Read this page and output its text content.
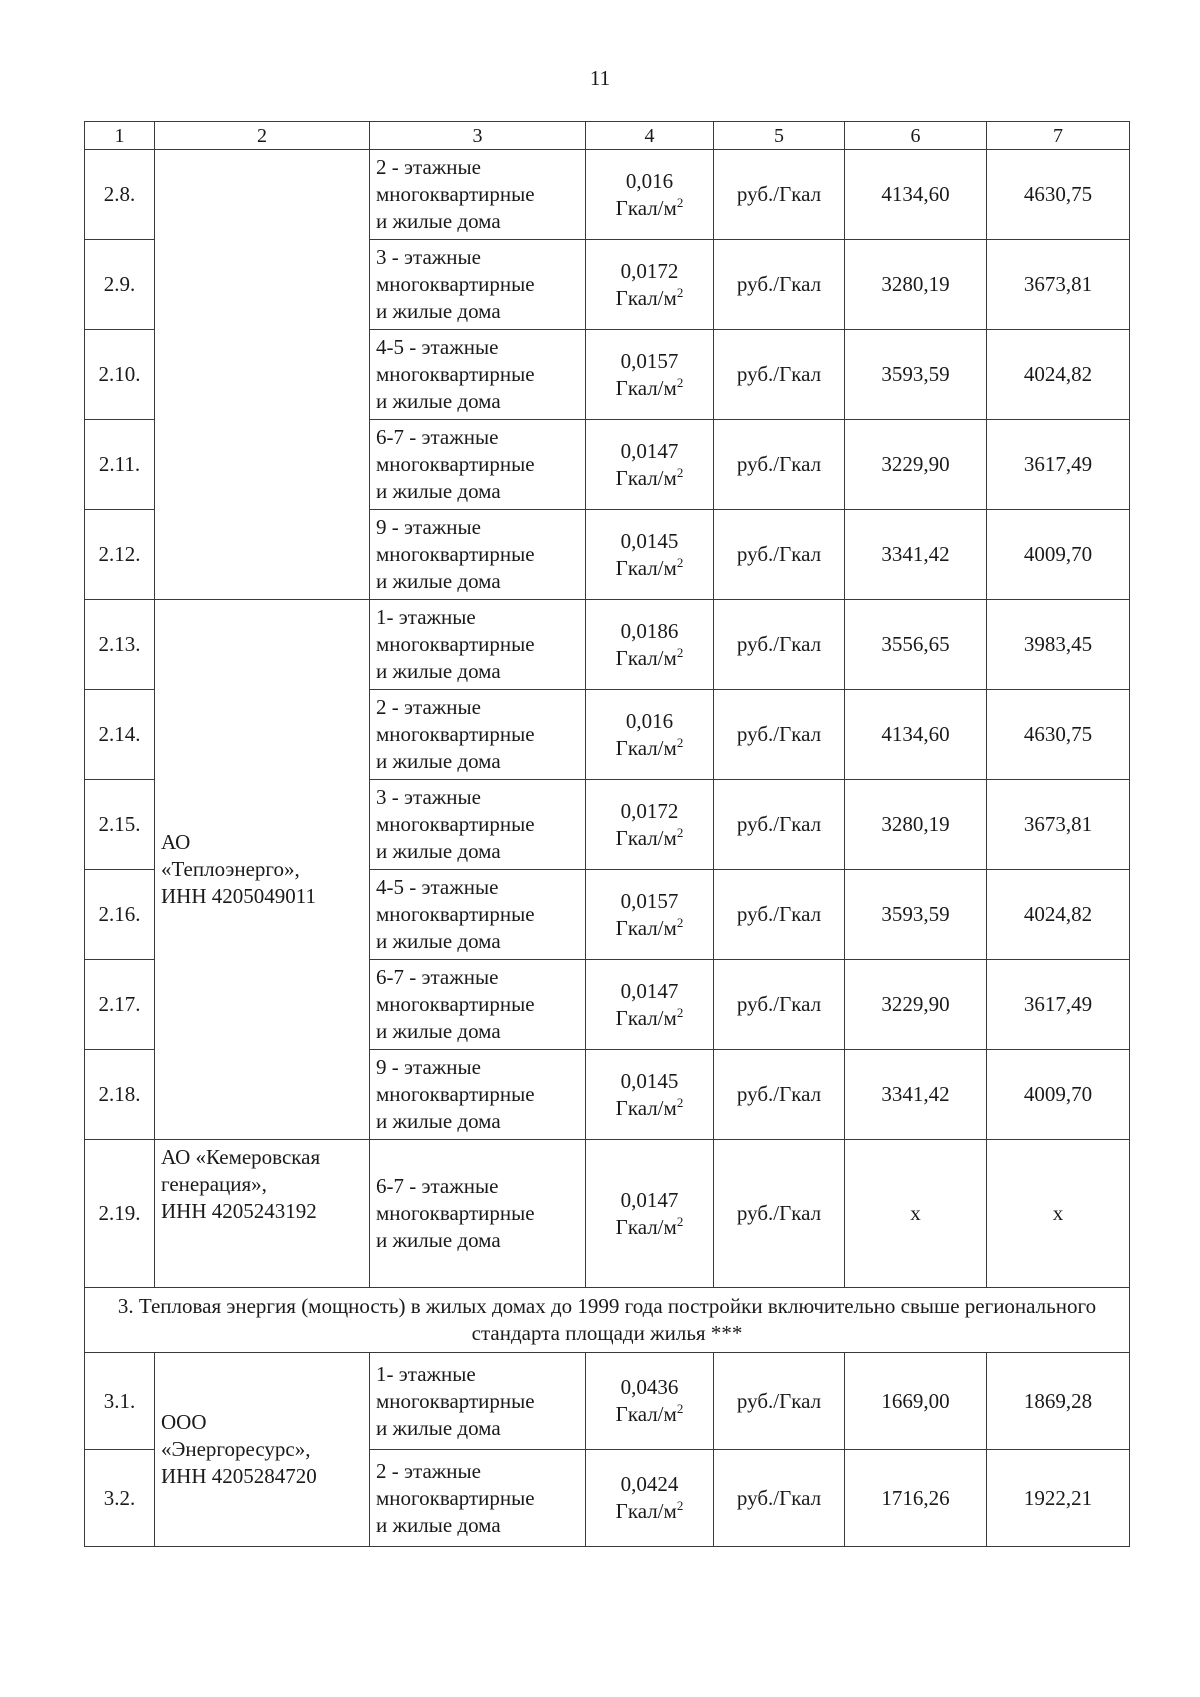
11
1	2	3	4	5	6	7
2.8.		2 - этажные
многоквартирные
и жилые дома	0,016
Гкал/$м^2$	руб./Гкал	4134,60	4630,75
2.9.		3 - этажные
многоквартирные
и жилые дома	0,0172
Гкал/$м^2$	руб./Гкал	3280,19	3673,81
2.10.		4-5 - этажные
многоквартирные
и жилые дома	0,0157
Гкал/$м^2$	руб./Гкал	3593,59	4024,82
2.11.		6-7 - этажные
многоквартирные
и жилые дома	0,0147
Гкал/$м^2$	руб./Гкал	3229,90	3617,49
2.12.		9 - этажные
многоквартирные
и жилые дома	0,0145
Гкал/$м^2$	руб./Гкал	3341,42	4009,70
2.13.	АО
«Теплоэнерго»,
ИНН 4205049011	1- этажные
многоквартирные
и жилые дома	0,0186
Гкал/$м^2$	руб./Гкал	3556,65	3983,45
2.14.		2 - этажные
многоквартирные
и жилые дома	0,016
Гкал/$м^2$	руб./Гкал	4134,60	4630,75
2.15.		3 - этажные
многоквартирные
и жилые дома	0,0172
Гкал/$м^2$	руб./Гкал	3280,19	3673,81
2.16.		4-5 - этажные
многоквартирные
и жилые дома	0,0157
Гкал/$м^2$	руб./Гкал	3593,59	4024,82
2.17.		6-7 - этажные
многоквартирные
и жилые дома	0,0147
Гкал/$м^2$	руб./Гкал	3229,90	3617,49
2.18.		9 - этажные
многоквартирные
и жилые дома	0,0145
Гкал/$м^2$	руб./Гкал	3341,42	4009,70
2.19.	АО «Кемеровская
генерация»,
ИНН 4205243192	6-7 - этажные
многоквартирные
и жилые дома	0,0147
Гкал/$м^2$	руб./Гкал	х	х
3. Тепловая энергия (мощность) в жилых домах до 1999 года постройки включительно свыше регионального стандарта площади жилья ***						
3.1.	ООО
«Энергоресурс»,
ИНН 4205284720	1- этажные
многоквартирные
и жилые дома	0,0436
Гкал/$м^2$	руб./Гкал	1669,00	1869,28
3.2.		2 - этажные
многоквартирные
и жилые дома	0,0424
Гкал/$м^2$	руб./Гкал	1716,26	1922,21
